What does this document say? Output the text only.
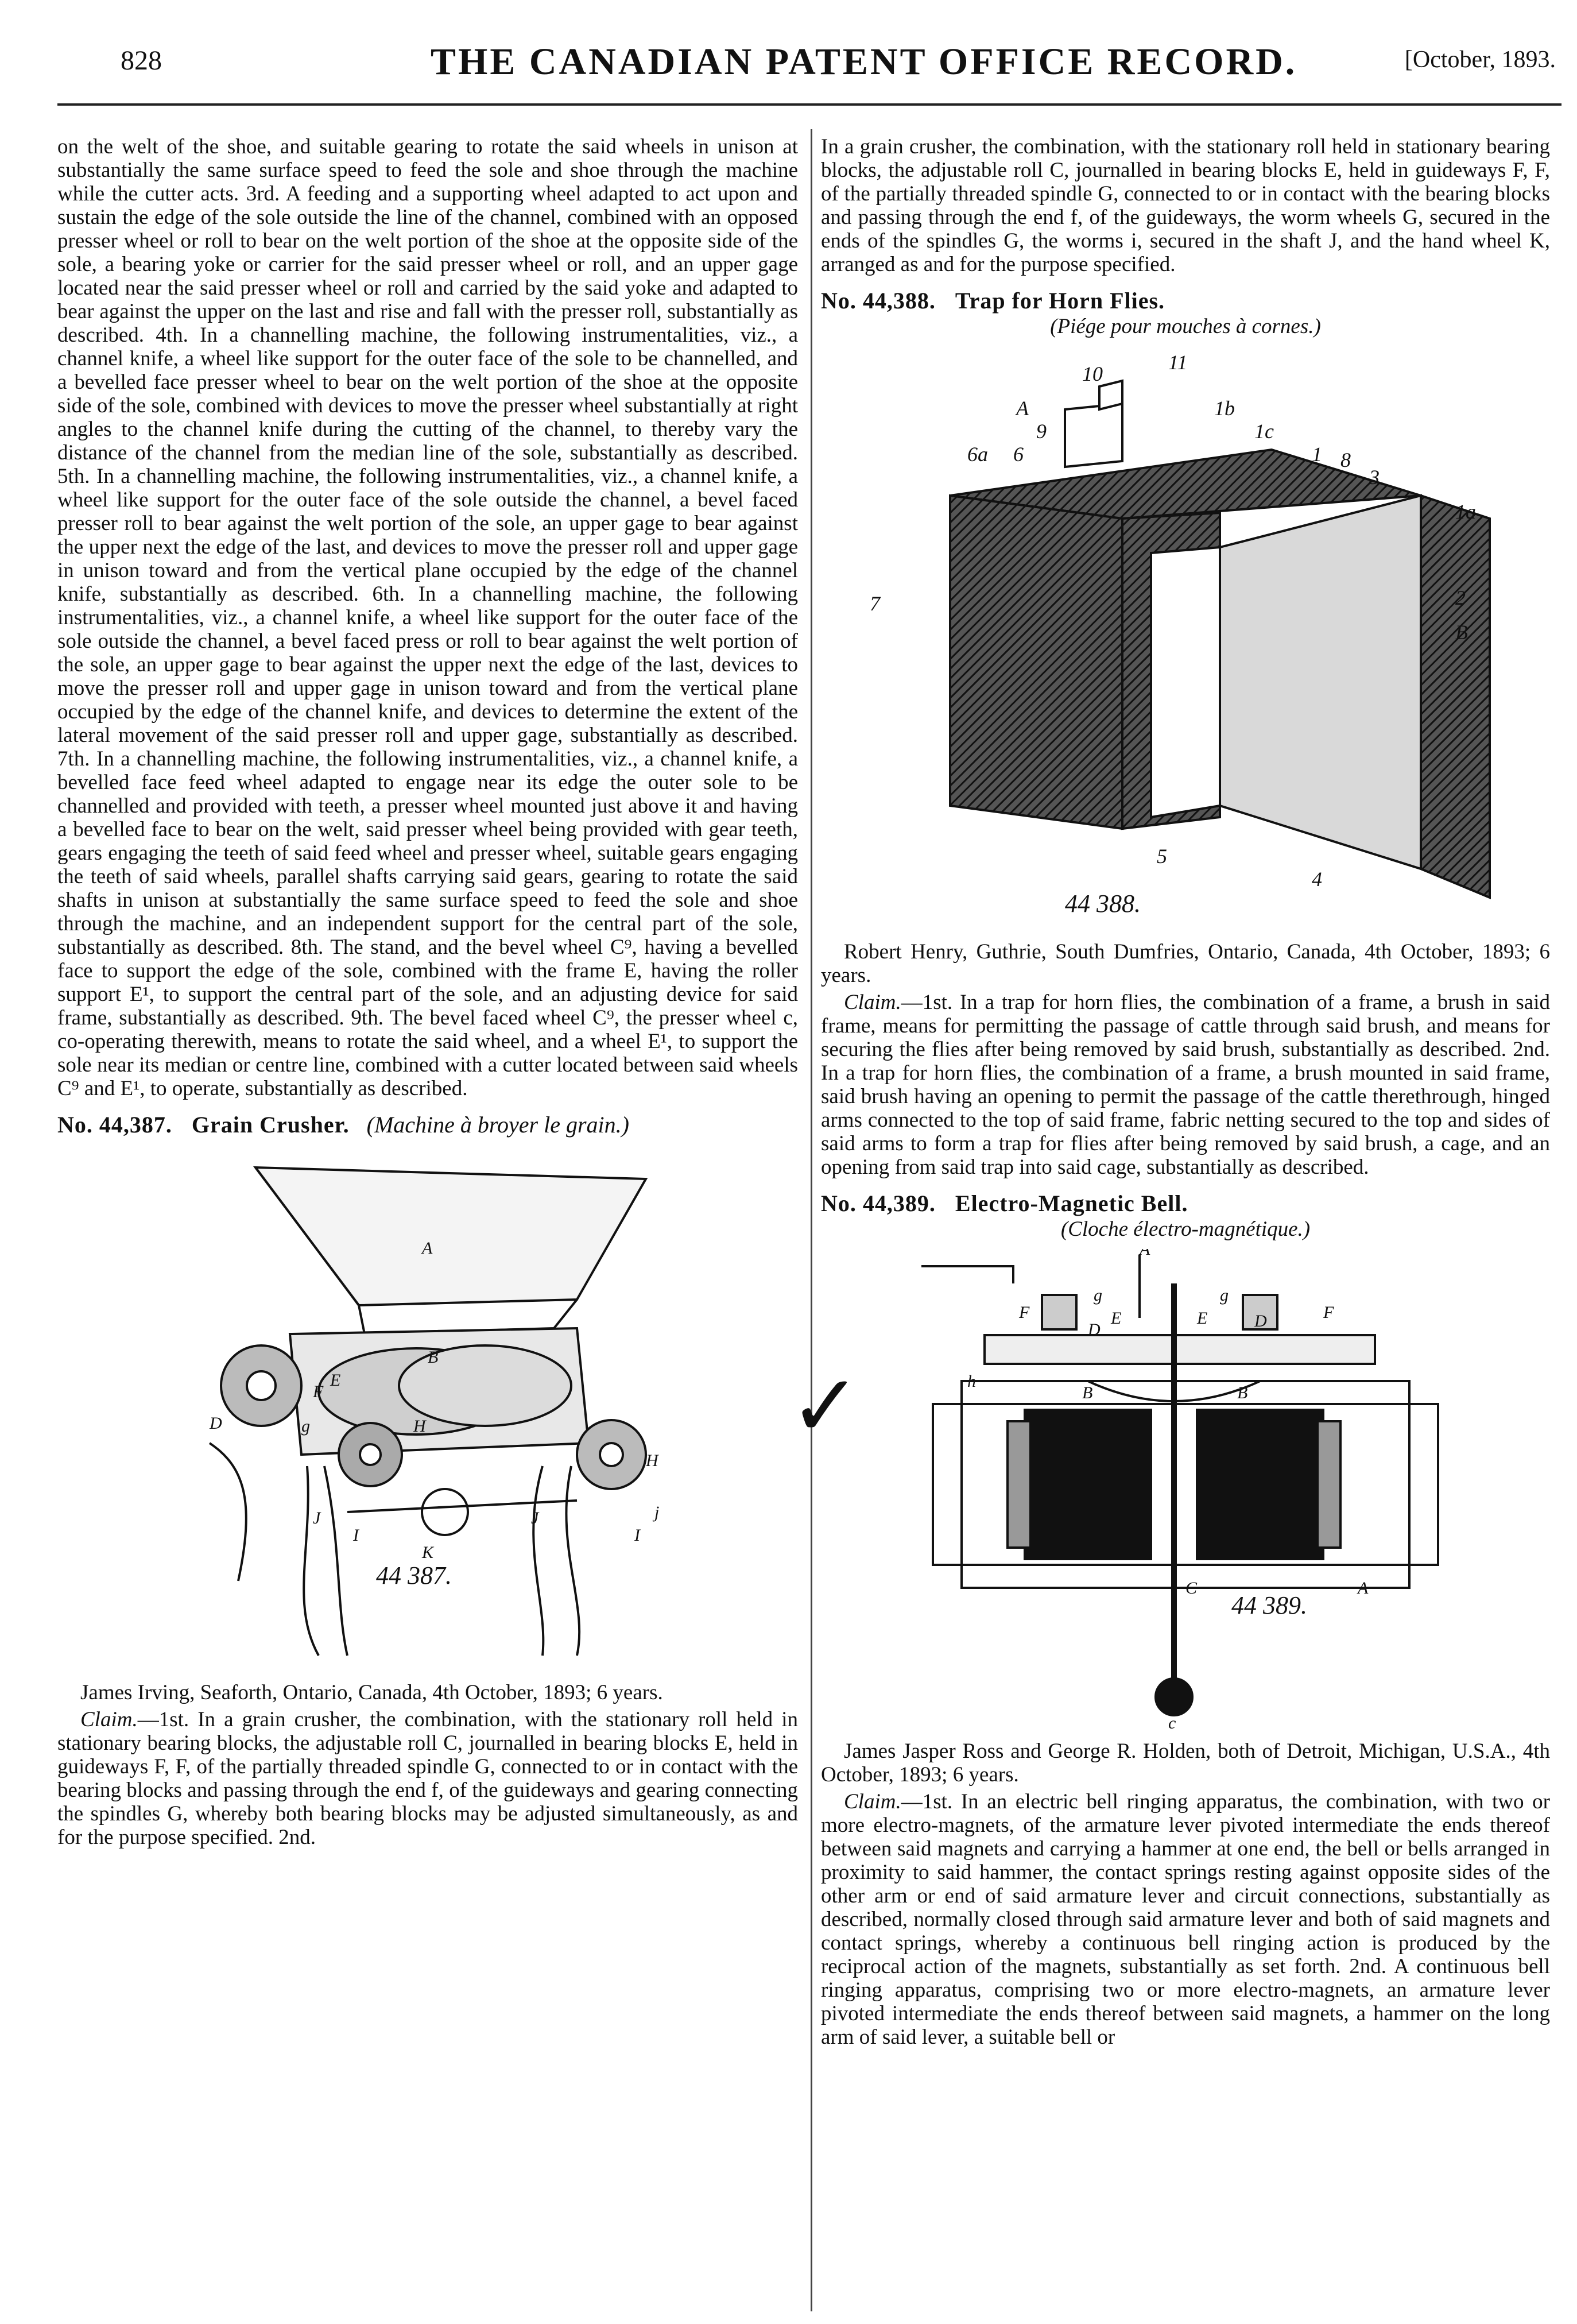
828	THE CANADIAN PATENT OFFICE RECORD.	[October, 1893.

on the welt of the shoe, and suitable gearing to rotate the said wheels in unison at substantially the same surface speed to feed the sole and shoe through the machine while the cutter acts. 3rd. A feeding and a supporting wheel adapted to act upon and sustain the edge of the sole outside the line of the channel, combined with an opposed presser wheel or roll to bear on the welt portion of the shoe at the opposite side of the sole, a bearing yoke or carrier for the said presser wheel or roll, and an upper gage located near the said presser wheel or roll and carried by the said yoke and adapted to bear against the upper on the last and rise and fall with the presser roll, substantially as described. 4th. In a channelling machine, the following instrumentalities, viz., a channel knife, a wheel like support for the outer face of the sole to be channelled, and a bevelled face presser wheel to bear on the welt portion of the shoe at the opposite side of the sole, combined with devices to move the presser wheel substantially at right angles to the channel knife during the cutting of the channel, to thereby vary the distance of the channel from the median line of the sole, substantially as described. 5th. In a channelling machine, the following instrumentalities, viz., a channel knife, a wheel like support for the outer face of the sole outside the channel, a bevel faced presser roll to bear against the welt portion of the sole, an upper gage to bear against the upper next the edge of the last, and devices to move the presser roll and upper gage in unison toward and from the vertical plane occupied by the edge of the channel knife, substantially as described. 6th. In a channelling machine, the following instrumentalities, viz., a channel knife, a wheel like support for the outer face of the sole outside the channel, a bevel faced press or roll to bear against the welt portion of the sole, an upper gage to bear against the upper next the edge of the last, devices to move the presser roll and upper gage in unison toward and from the vertical plane occupied by the edge of the channel knife, and devices to determine the extent of the lateral movement of the said presser roll and upper gage, substantially as described. 7th. In a channelling machine, the following instrumentalities, viz., a channel knife, a bevelled face feed wheel adapted to engage near its edge the outer sole to be channelled and provided with teeth, a presser wheel mounted just above it and having a bevelled face to bear on the welt, said presser wheel being provided with gear teeth, gears engaging the teeth of said feed wheel and presser wheel, suitable gears engaging the teeth of said wheels, parallel shafts carrying said gears, gearing to rotate the said shafts in unison at substantially the same surface speed to feed the sole and shoe through the machine, and an independent support for the central part of the sole, substantially as described. 8th. The stand, and the bevel wheel C⁹, having a bevelled face to support the edge of the sole, combined with the frame E, having the roller support E¹, to support the central part of the sole, and an adjusting device for said frame, substantially as described. 9th. The bevel faced wheel C⁹, the presser wheel c, co-operating therewith, means to rotate the said wheel, and a wheel E¹, to support the sole near its median or centre line, combined with a cutter located between said wheels C⁹ and E¹, to operate, substantially as described.

No. 44,387. Grain Crusher. (Machine à broyer le grain.)
A
B
E
F
g
D	H
H
J	J
I	I
K
j
44 387.

James Irving, Seaforth, Ontario, Canada, 4th October, 1893; 6 years.

Claim.—1st. In a grain crusher, the combination, with the stationary roll held in stationary bearing blocks, the adjustable roll C, journalled in bearing blocks E, held in guideways F, F, of the partially threaded spindle G, connected to or in contact with the bearing blocks and passing through the end f, of the guideways and gearing connecting the spindles G, whereby both bearing blocks may be adjusted simultaneously, as and for the purpose specified. 2nd.

✓

In a grain crusher, the combination, with the stationary roll held in stationary bearing blocks, the adjustable roll C, journalled in bearing blocks E, held in guideways F, F, of the partially threaded spindle G, connected to or in contact with the bearing blocks and passing through the end f, of the guideways, the worm wheels G, secured in the ends of the spindles G, the worms i, secured in the shaft J, and the hand wheel K, arranged as and for the purpose specified.

No. 44,388. Trap for Horn Flies.
(Piége pour mouches à cornes.)
11
10
A	1b
9	1c
6a 6	1 8
3
1a
7	2
B
5
4
44 388.

Robert Henry, Guthrie, South Dumfries, Ontario, Canada, 4th October, 1893; 6 years.

Claim.—1st. In a trap for horn flies, the combination of a frame, a brush in said frame, means for permitting the passage of cattle through said brush, and means for securing the flies after being removed by said brush, substantially as described. 2nd. In a trap for horn flies, the combination of a frame, a brush mounted in said frame, said brush having an opening to permit the passage of the cattle therethrough, hinged arms connected to the top of said frame, fabric netting secured to the top and sides of said arms to form a trap for flies after being removed by said brush, a cage, and an opening from said trap into said cage, substantially as described.

No. 44,389. Electro-Magnetic Bell.
(Cloche électro-magnétique.)
A
F	F
g	g
E	E
D	D
h
B	B
C	A
c
44 389.

James Jasper Ross and George R. Holden, both of Detroit, Michigan, U.S.A., 4th October, 1893; 6 years.

Claim.—1st. In an electric bell ringing apparatus, the combination, with two or more electro-magnets, of the armature lever pivoted intermediate the ends thereof between said magnets and carrying a hammer at one end, the bell or bells arranged in proximity to said hammer, the contact springs resting against opposite sides of the other arm or end of said armature lever and circuit connections, substantially as described, normally closed through said armature lever and both of said magnets and contact springs, whereby a continuous bell ringing action is produced by the reciprocal action of the magnets, substantially as set forth. 2nd. A continuous bell ringing apparatus, comprising two or more electro-magnets, an armature lever pivoted intermediate the ends thereof between said magnets, a hammer on the long arm of said lever, a suitable bell or
